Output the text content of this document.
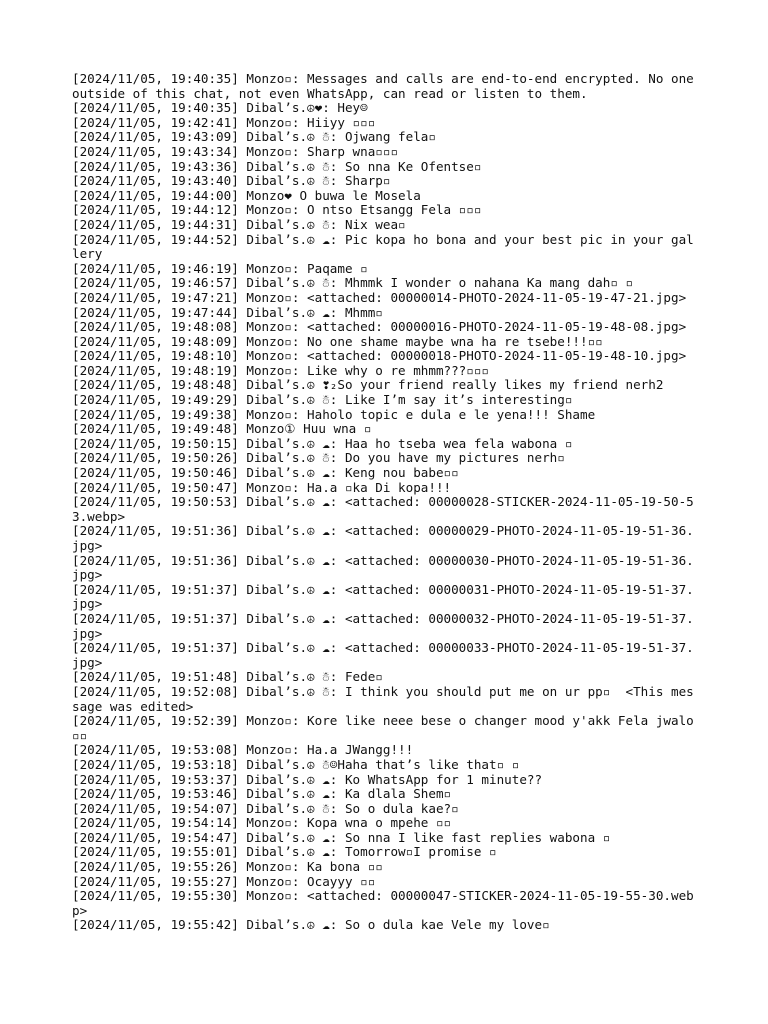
[2024/11/05, 19:40:35] Monzo▫: Messages and calls are end-to-end encrypted. No one outside of this chat, not even WhatsApp, can read or listen to them.
[2024/11/05, 19:40:35] Dibal’s.☮❤: Hey☺
[2024/11/05, 19:42:41] Monzo▫: Hiiyy ▫▫▫
[2024/11/05, 19:43:09] Dibal’s.☮ ☃: Ojwang fela▫
[2024/11/05, 19:43:34] Monzo▫: Sharp wna▫▫▫
[2024/11/05, 19:43:36] Dibal’s.☮ ☃: So nna Ke Ofentse▫
[2024/11/05, 19:43:40] Dibal’s.☮ ☃: Sharp▫
[2024/11/05, 19:44:00] Monzo❤ O buwa le Mosela
[2024/11/05, 19:44:12] Monzo▫: O ntso Etsangg Fela ▫▫▫
[2024/11/05, 19:44:31] Dibal’s.☮ ☃: Nix wea▫
[2024/11/05, 19:44:52] Dibal’s.☮ ☁: Pic kopa ho bona and your best pic in your gallery
[2024/11/05, 19:46:19] Monzo▫: Paqame ▫
[2024/11/05, 19:46:57] Dibal’s.☮ ☃: Mhmmk I wonder o nahana Ka mang dah▫ ▫
[2024/11/05, 19:47:21] Monzo▫: <attached: 00000014-PHOTO-2024-11-05-19-47-21.jpg>
[2024/11/05, 19:47:44] Dibal’s.☮ ☁: Mhmm▫
[2024/11/05, 19:48:08] Monzo▫: <attached: 00000016-PHOTO-2024-11-05-19-48-08.jpg>
[2024/11/05, 19:48:09] Monzo▫: No one shame maybe wna ha re tsebe!!!▫▫
[2024/11/05, 19:48:10] Monzo▫: <attached: 00000018-PHOTO-2024-11-05-19-48-10.jpg>
[2024/11/05, 19:48:19] Monzo▫: Like why o re mhmm???▫▫▫
[2024/11/05, 19:48:48] Dibal’s.☮ ❣₂So your friend really likes my friend nerh2
[2024/11/05, 19:49:29] Dibal’s.☮ ☃: Like I’m say it’s interesting▫
[2024/11/05, 19:49:38] Monzo▫: Haholo topic e dula e le yena!!! Shame
[2024/11/05, 19:49:48] Monzo① Huu wna ▫
[2024/11/05, 19:50:15] Dibal’s.☮ ☁: Haa ho tseba wea fela wabona ▫
[2024/11/05, 19:50:26] Dibal’s.☮ ☃: Do you have my pictures nerh▫
[2024/11/05, 19:50:46] Dibal’s.☮ ☁: Keng nou babe▫▫
[2024/11/05, 19:50:47] Monzo▫: Ha.a ▫ka Di kopa!!!
[2024/11/05, 19:50:53] Dibal’s.☮ ☁: <attached: 00000028-STICKER-2024-11-05-19-50-53.webp>
[2024/11/05, 19:51:36] Dibal’s.☮ ☁: <attached: 00000029-PHOTO-2024-11-05-19-51-36.jpg>
[2024/11/05, 19:51:36] Dibal’s.☮ ☁: <attached: 00000030-PHOTO-2024-11-05-19-51-36.jpg>
[2024/11/05, 19:51:37] Dibal’s.☮ ☁: <attached: 00000031-PHOTO-2024-11-05-19-51-37.jpg>
[2024/11/05, 19:51:37] Dibal’s.☮ ☁: <attached: 00000032-PHOTO-2024-11-05-19-51-37.jpg>
[2024/11/05, 19:51:37] Dibal’s.☮ ☁: <attached: 00000033-PHOTO-2024-11-05-19-51-37.jpg>
[2024/11/05, 19:51:48] Dibal’s.☮ ☃: Fede▫
[2024/11/05, 19:52:08] Dibal’s.☮ ☃: I think you should put me on ur pp▫  <This message was edited>
[2024/11/05, 19:52:39] Monzo▫: Kore like neee bese o changer mood y'akk Fela jwalo ▫▫
[2024/11/05, 19:53:08] Monzo▫: Ha.a JWangg!!!
[2024/11/05, 19:53:18] Dibal’s.☮ ☃☺Haha that’s like that▫ ▫
[2024/11/05, 19:53:37] Dibal’s.☮ ☁: Ko WhatsApp for 1 minute??
[2024/11/05, 19:53:46] Dibal’s.☮ ☁: Ka dlala Shem▫
[2024/11/05, 19:54:07] Dibal’s.☮ ☃: So o dula kae?▫
[2024/11/05, 19:54:14] Monzo▫: Kopa wna o mpehe ▫▫
[2024/11/05, 19:54:47] Dibal’s.☮ ☁: So nna I like fast replies wabona ▫
[2024/11/05, 19:55:01] Dibal’s.☮ ☁: Tomorrow▫I promise ▫
[2024/11/05, 19:55:26] Monzo▫: Ka bona ▫▫
[2024/11/05, 19:55:27] Monzo▫: Ocayyy ▫▫
[2024/11/05, 19:55:30] Monzo▫: <attached: 00000047-STICKER-2024-11-05-19-55-30.webp>
[2024/11/05, 19:55:42] Dibal’s.☮ ☁: So o dula kae Vele my love▫
